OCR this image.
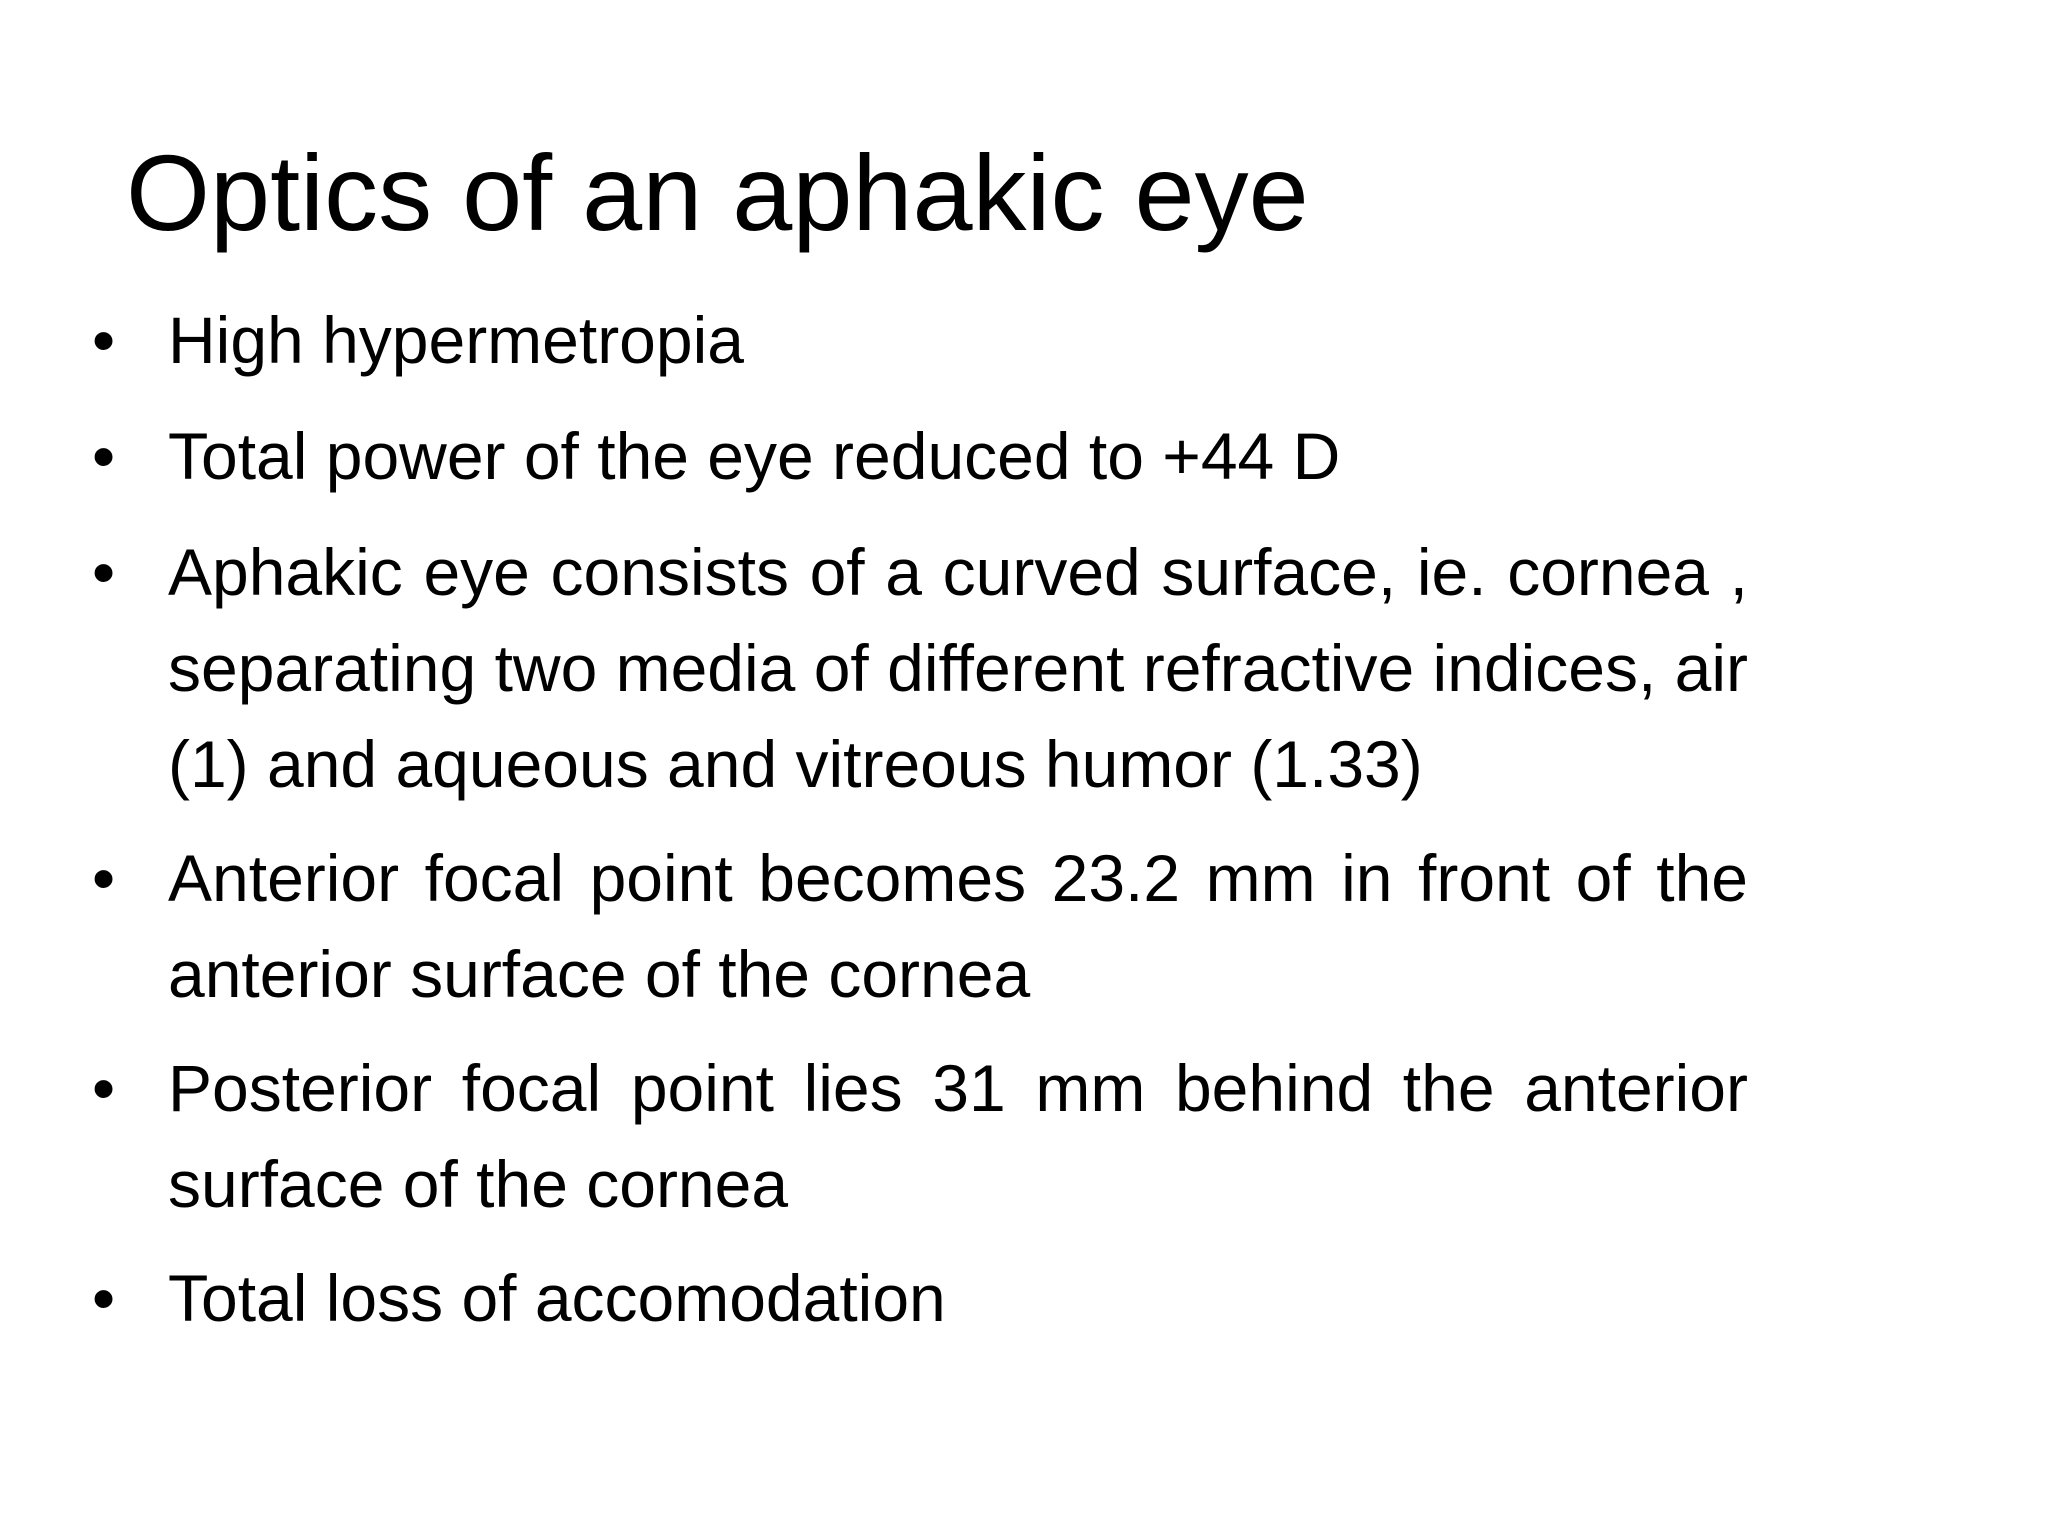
Optics of an aphakic eye
• High hypermetropia
• Total power of the eye reduced to +44 D
• Aphakic eye consists of a curved surface, ie. cornea , separating two media of different refractive indices, air (1) and aqueous and vitreous humor (1.33)
• Anterior focal point becomes 23.2 mm in front of the anterior surface of the cornea
• Posterior focal point lies 31 mm behind the anterior surface of the cornea
• Total loss of accomodation
